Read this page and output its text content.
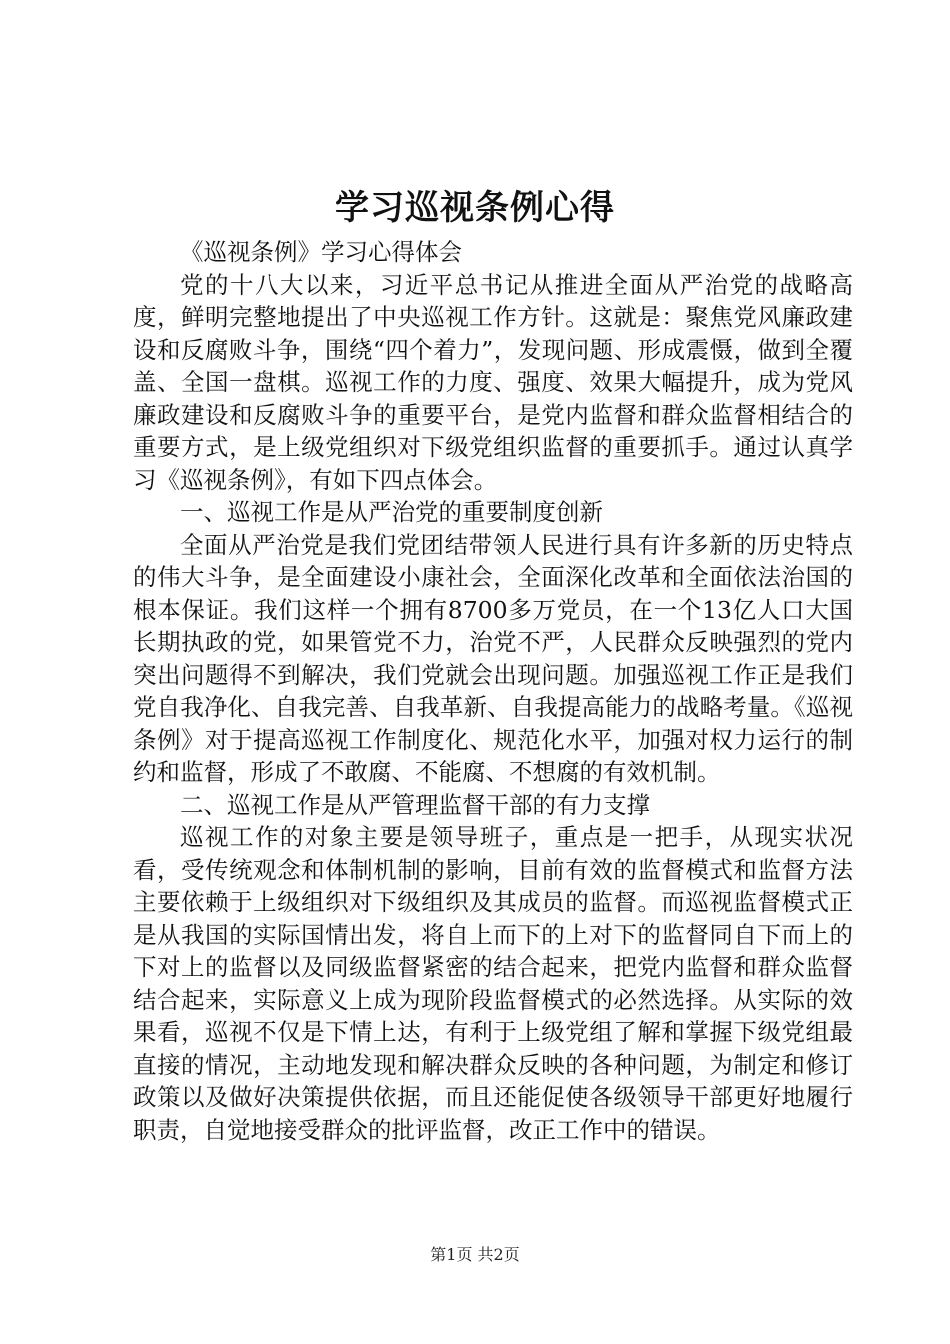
学习巡视条例心得

《巡视条例》学习心得体会

党的十八大以来，习近平总书记从推进全面从严治党的战略高度，鲜明完整地提出了中央巡视工作方针。这就是：聚焦党风廉政建设和反腐败斗争，围绕“四个着力”，发现问题、形成震慑，做到全覆盖、全国一盘棋。巡视工作的力度、强度、效果大幅提升，成为党风廉政建设和反腐败斗争的重要平台，是党内监督和群众监督相结合的重要方式，是上级党组织对下级党组织监督的重要抓手。通过认真学习《巡视条例》，有如下四点体会。

一、巡视工作是从严治党的重要制度创新

全面从严治党是我们党团结带领人民进行具有许多新的历史特点的伟大斗争，是全面建设小康社会，全面深化改革和全面依法治国的根本保证。我们这样一个拥有8700多万党员，在一个13亿人口大国长期执政的党，如果管党不力，治党不严，人民群众反映强烈的党内突出问题得不到解决，我们党就会出现问题。加强巡视工作正是我们党自我净化、自我完善、自我革新、自我提高能力的战略考量。《巡视条例》对于提高巡视工作制度化、规范化水平，加强对权力运行的制约和监督，形成了不敢腐、不能腐、不想腐的有效机制。

二、巡视工作是从严管理监督干部的有力支撑

巡视工作的对象主要是领导班子，重点是一把手，从现实状况看，受传统观念和体制机制的影响，目前有效的监督模式和监督方法主要依赖于上级组织对下级组织及其成员的监督。而巡视监督模式正是从我国的实际国情出发，将自上而下的上对下的监督同自下而上的下对上的监督以及同级监督紧密的结合起来，把党内监督和群众监督结合起来，实际意义上成为现阶段监督模式的必然选择。从实际的效果看，巡视不仅是下情上达，有利于上级党组了解和掌握下级党组最直接的情况，主动地发现和解决群众反映的各种问题，为制定和修订政策以及做好决策提供依据，而且还能促使各级领导干部更好地履行职责，自觉地接受群众的批评监督，改正工作中的错误。

第1页 共2页
